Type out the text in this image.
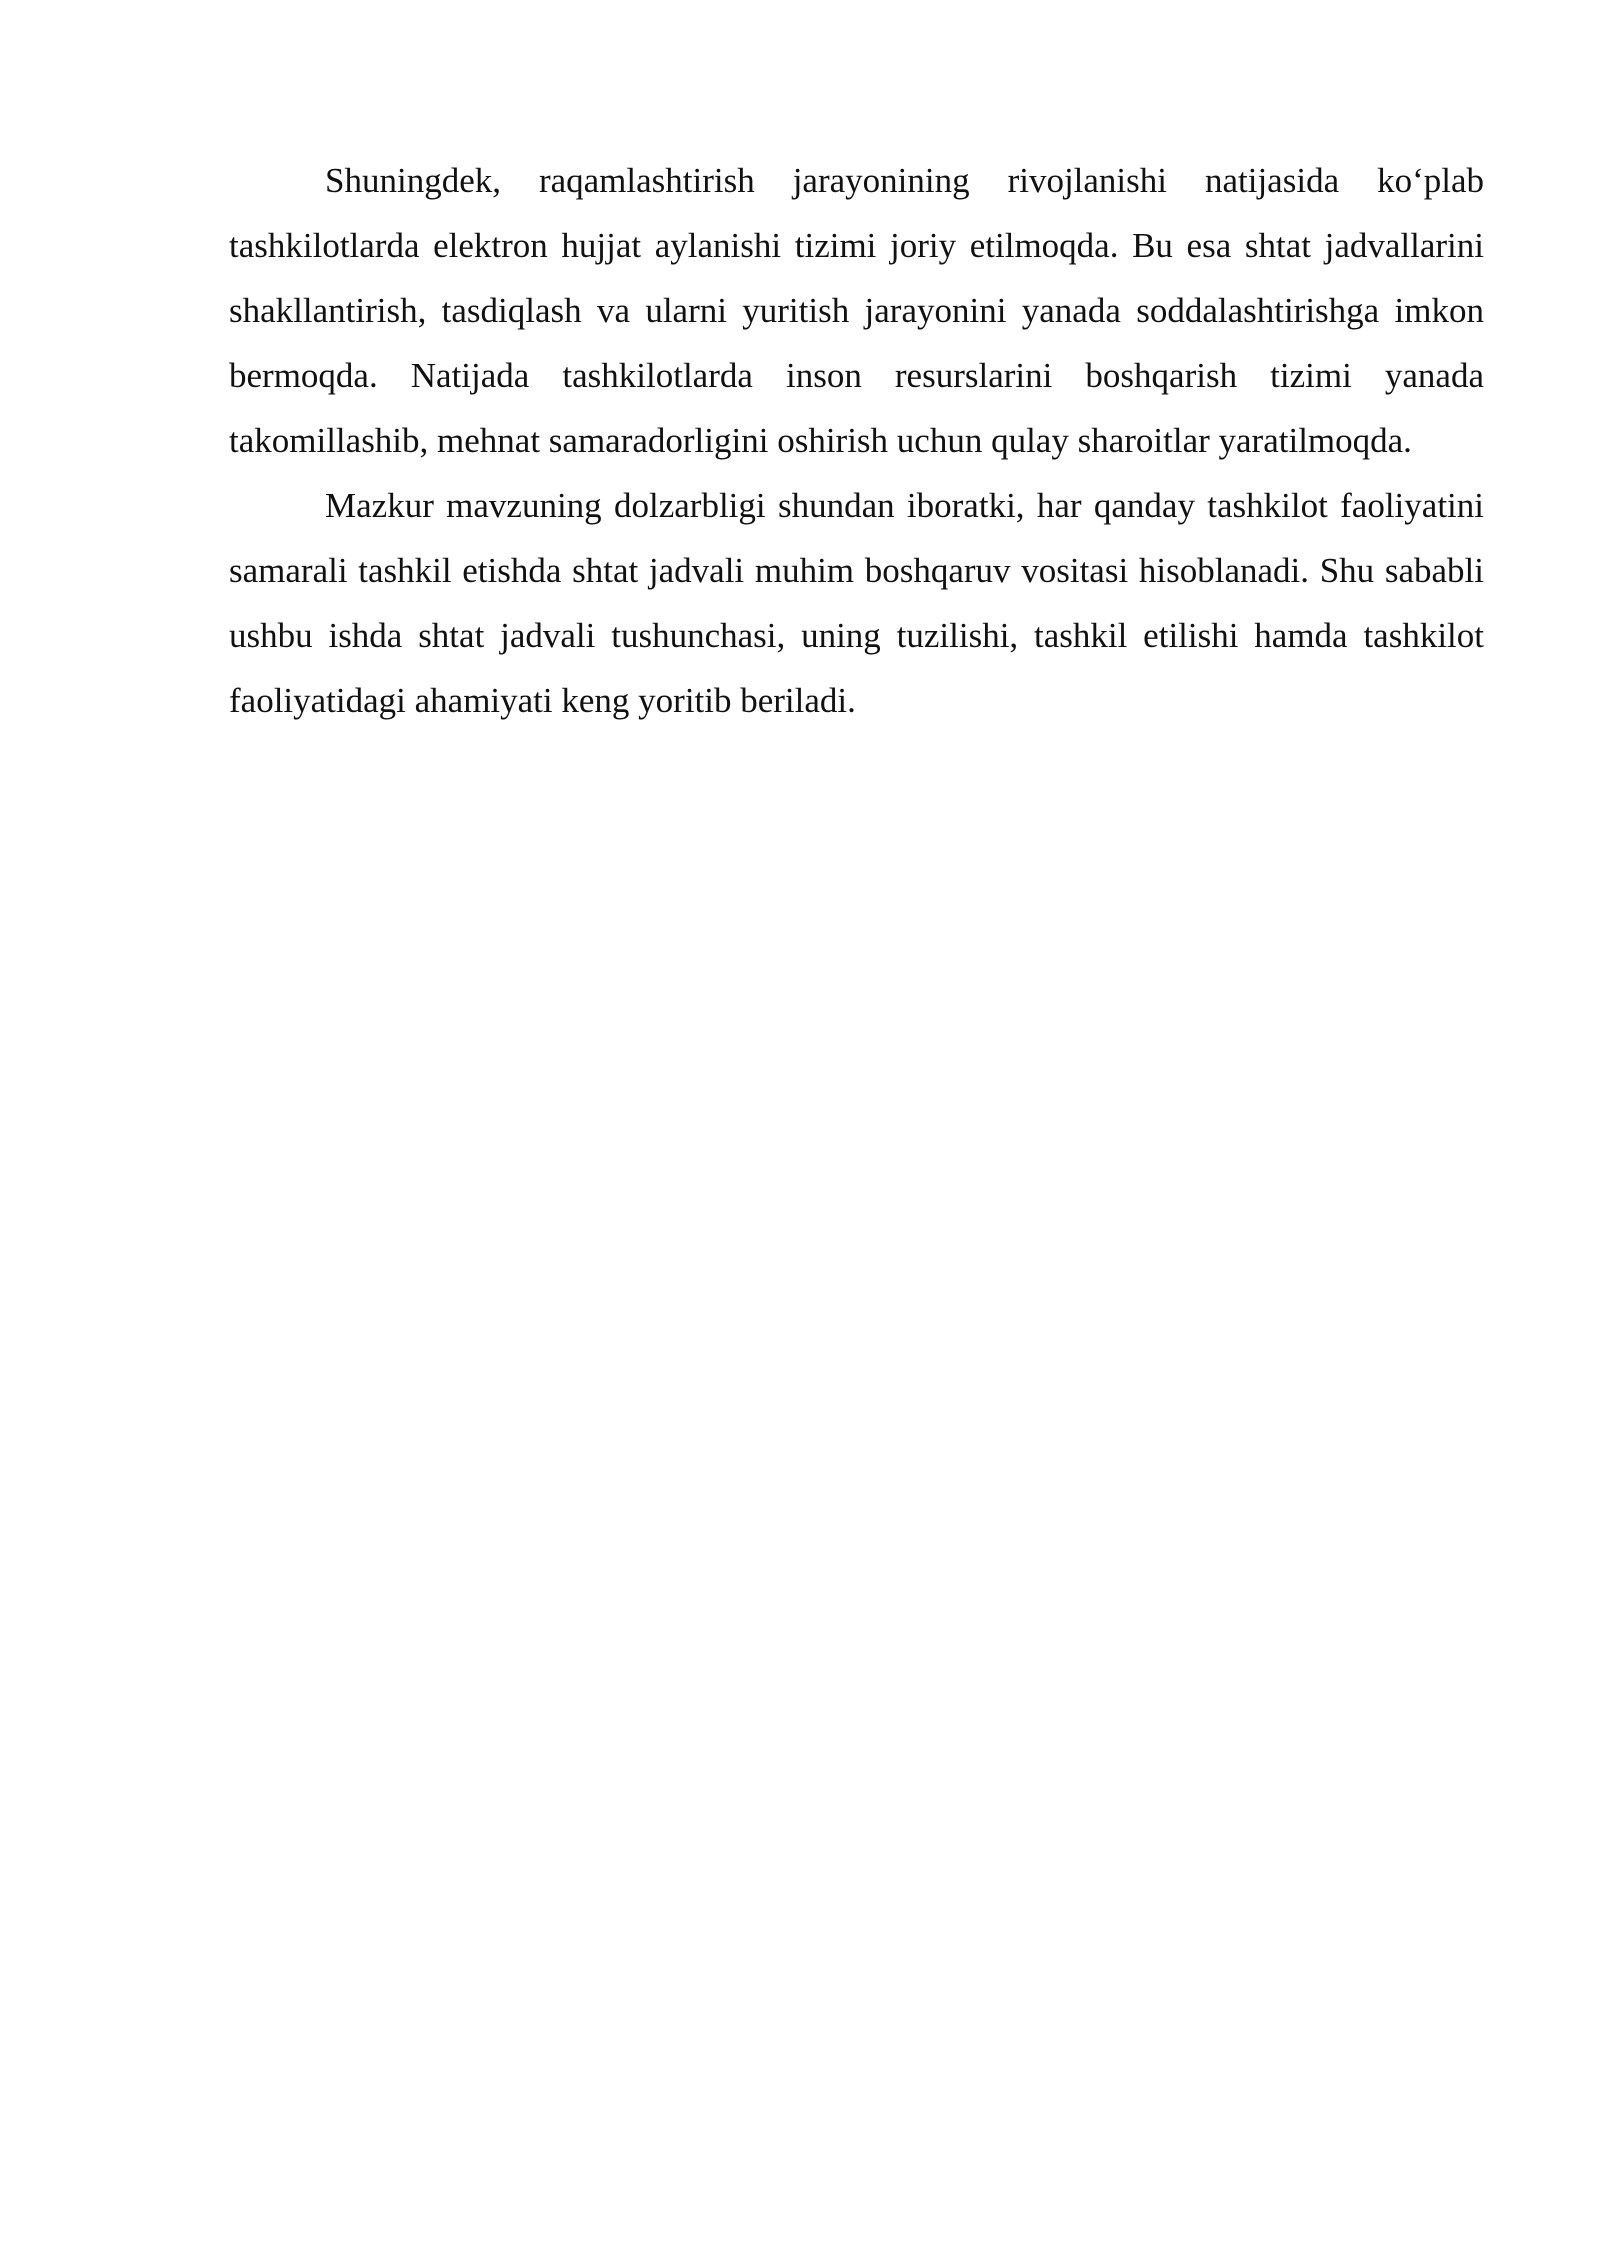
Shuningdek, raqamlashtirish jarayonining rivojlanishi natijasida ko‘plab tashkilotlarda elektron hujjat aylanishi tizimi joriy etilmoqda. Bu esa shtat jadvallarini shakllantirish, tasdiqlash va ularni yuritish jarayonini yanada soddalashtirishga imkon bermoqda. Natijada tashkilotlarda inson resurslarini boshqarish tizimi yanada takomillashib, mehnat samaradorligini oshirish uchun qulay sharoitlar yaratilmoqda.

Mazkur mavzuning dolzarbligi shundan iboratki, har qanday tashkilot faoliyatini samarali tashkil etishda shtat jadvali muhim boshqaruv vositasi hisoblanadi. Shu sababli ushbu ishda shtat jadvali tushunchasi, uning tuzilishi, tashkil etilishi hamda tashkilot faoliyatidagi ahamiyati keng yoritib beriladi.
